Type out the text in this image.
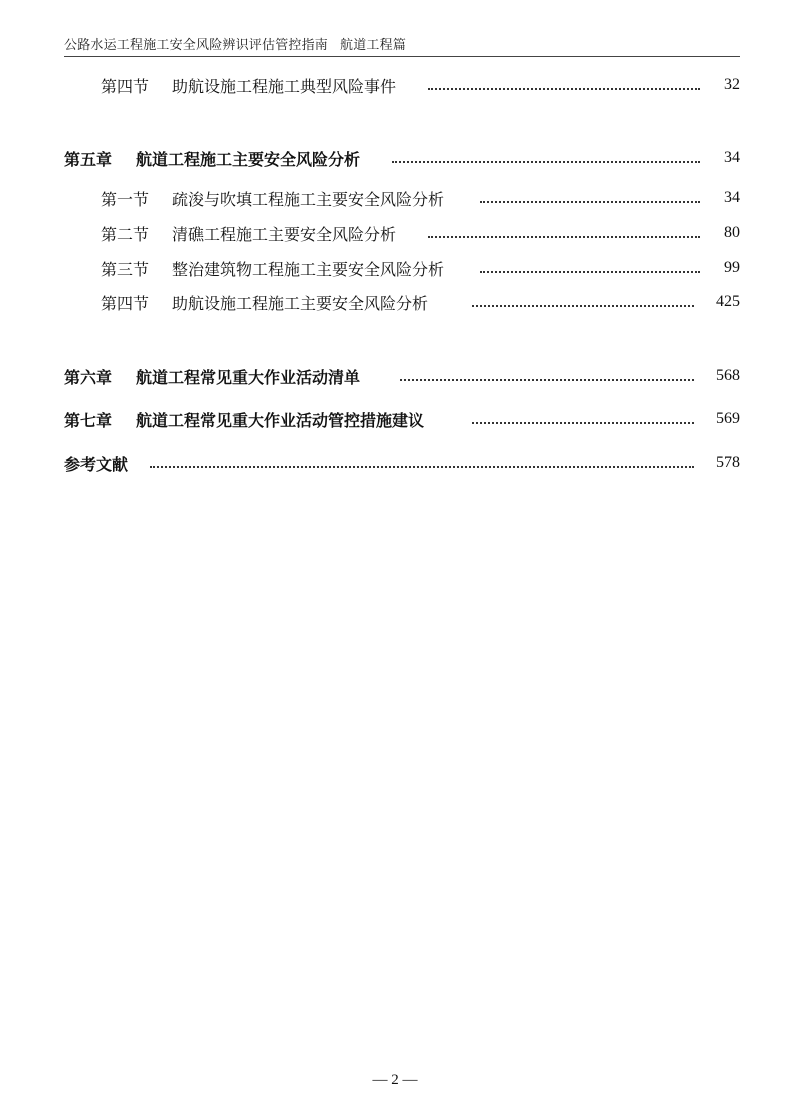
公路水运工程施工安全风险辨识评估管控指南 航道工程篇
第四节 助航设施工程施工典型风险事件	32
第五章 航道工程施工主要安全风险分析	34
第一节 疏浚与吹填工程施工主要安全风险分析	34
第二节 清礁工程施工主要安全风险分析	80
第三节 整治建筑物工程施工主要安全风险分析	99
第四节 助航设施工程施工主要安全风险分析	425
第六章 航道工程常见重大作业活动清单	568
第七章 航道工程常见重大作业活动管控措施建议	569
参考文献	578
— 2 —
